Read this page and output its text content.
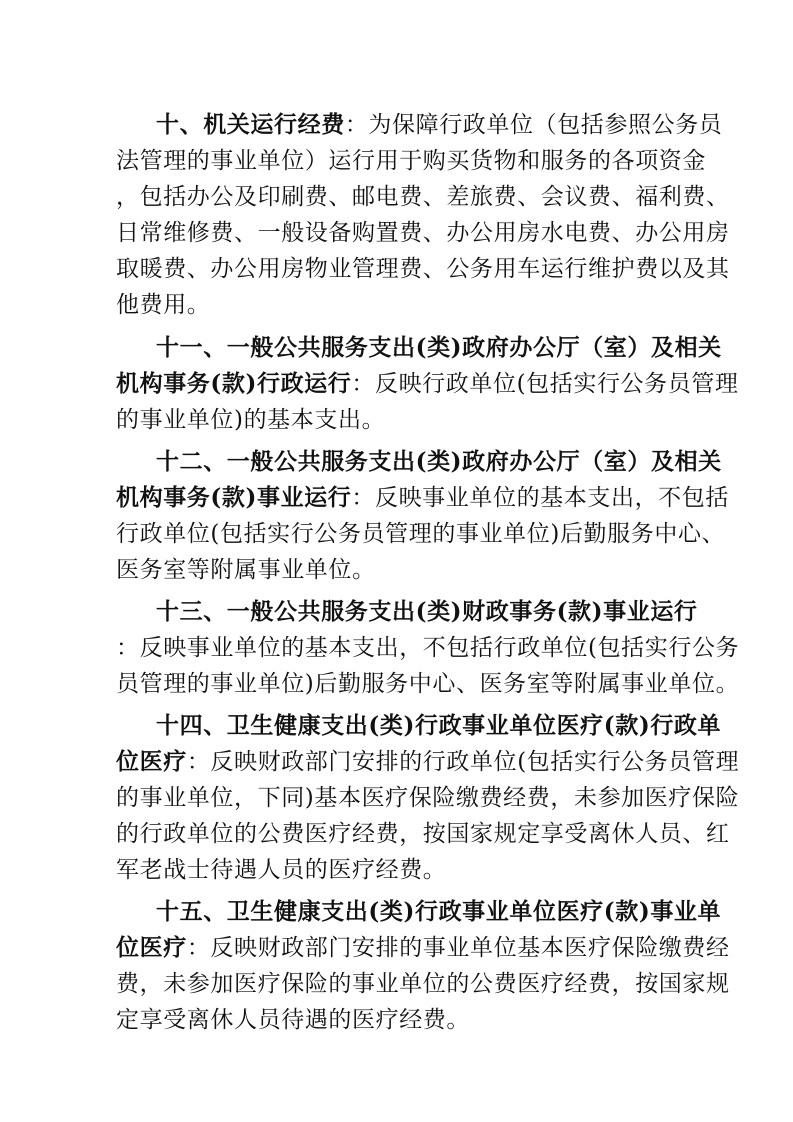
十、机关运行经费：为保障行政单位（包括参照公务员
法管理的事业单位）运行用于购买货物和服务的各项资金
，包括办公及印刷费、邮电费、差旅费、会议费、福利费、
日常维修费、一般设备购置费、办公用房水电费、办公用房
取暖费、办公用房物业管理费、公务用车运行维护费以及其
他费用。
十一、一般公共服务支出(类)政府办公厅（室）及相关
机构事务(款)行政运行：反映行政单位(包括实行公务员管理
的事业单位)的基本支出。
十二、一般公共服务支出(类)政府办公厅（室）及相关
机构事务(款)事业运行：反映事业单位的基本支出，不包括
行政单位(包括实行公务员管理的事业单位)后勤服务中心、
医务室等附属事业单位。
十三、一般公共服务支出(类)财政事务(款)事业运行
：反映事业单位的基本支出，不包括行政单位(包括实行公务
员管理的事业单位)后勤服务中心、医务室等附属事业单位。
十四、卫生健康支出(类)行政事业单位医疗(款)行政单
位医疗：反映财政部门安排的行政单位(包括实行公务员管理
的事业单位，下同)基本医疗保险缴费经费，未参加医疗保险
的行政单位的公费医疗经费，按国家规定享受离休人员、红
军老战士待遇人员的医疗经费。
十五、卫生健康支出(类)行政事业单位医疗(款)事业单
位医疗：反映财政部门安排的事业单位基本医疗保险缴费经
费，未参加医疗保险的事业单位的公费医疗经费，按国家规
定享受离休人员待遇的医疗经费。
